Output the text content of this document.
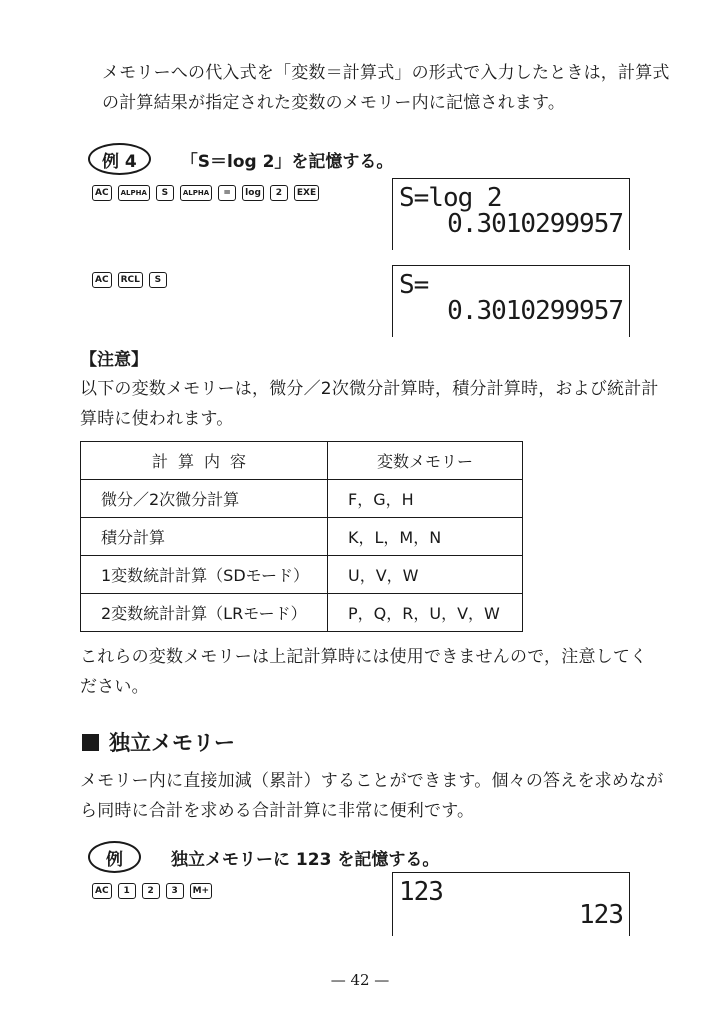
メモリーへの代入式を「変数＝計算式」の形式で入力したときは，計算式
の計算結果が指定された変数のメモリー内に記憶されます。
例 4	「S＝log 2」を記憶する。
AC	ALPHA	S	ALPHA	=	log	2	EXE	S=log 2
0.3010299957
AC	RCL	S	S=
0.3010299957
【注意】
以下の変数メモリーは，微分／2次微分計算時，積分計算時，および統計計
算時に使われます。
計算内容	変数メモリー
微分／2次微分計算	F，G，H
積分計算	K，L，M，N
1変数統計計算（SDモード）	U，V，W
2変数統計計算（LRモード）	P，Q，R，U，V，W
これらの変数メモリーは上記計算時には使用できませんので，注意してく
ださい。
独立メモリー
メモリー内に直接加減（累計）することができます。個々の答えを求めなが
ら同時に合計を求める合計計算に非常に便利です。
例	独立メモリーに 123 を記憶する。
AC	1	2	3	M+	123
123
— 42 —
